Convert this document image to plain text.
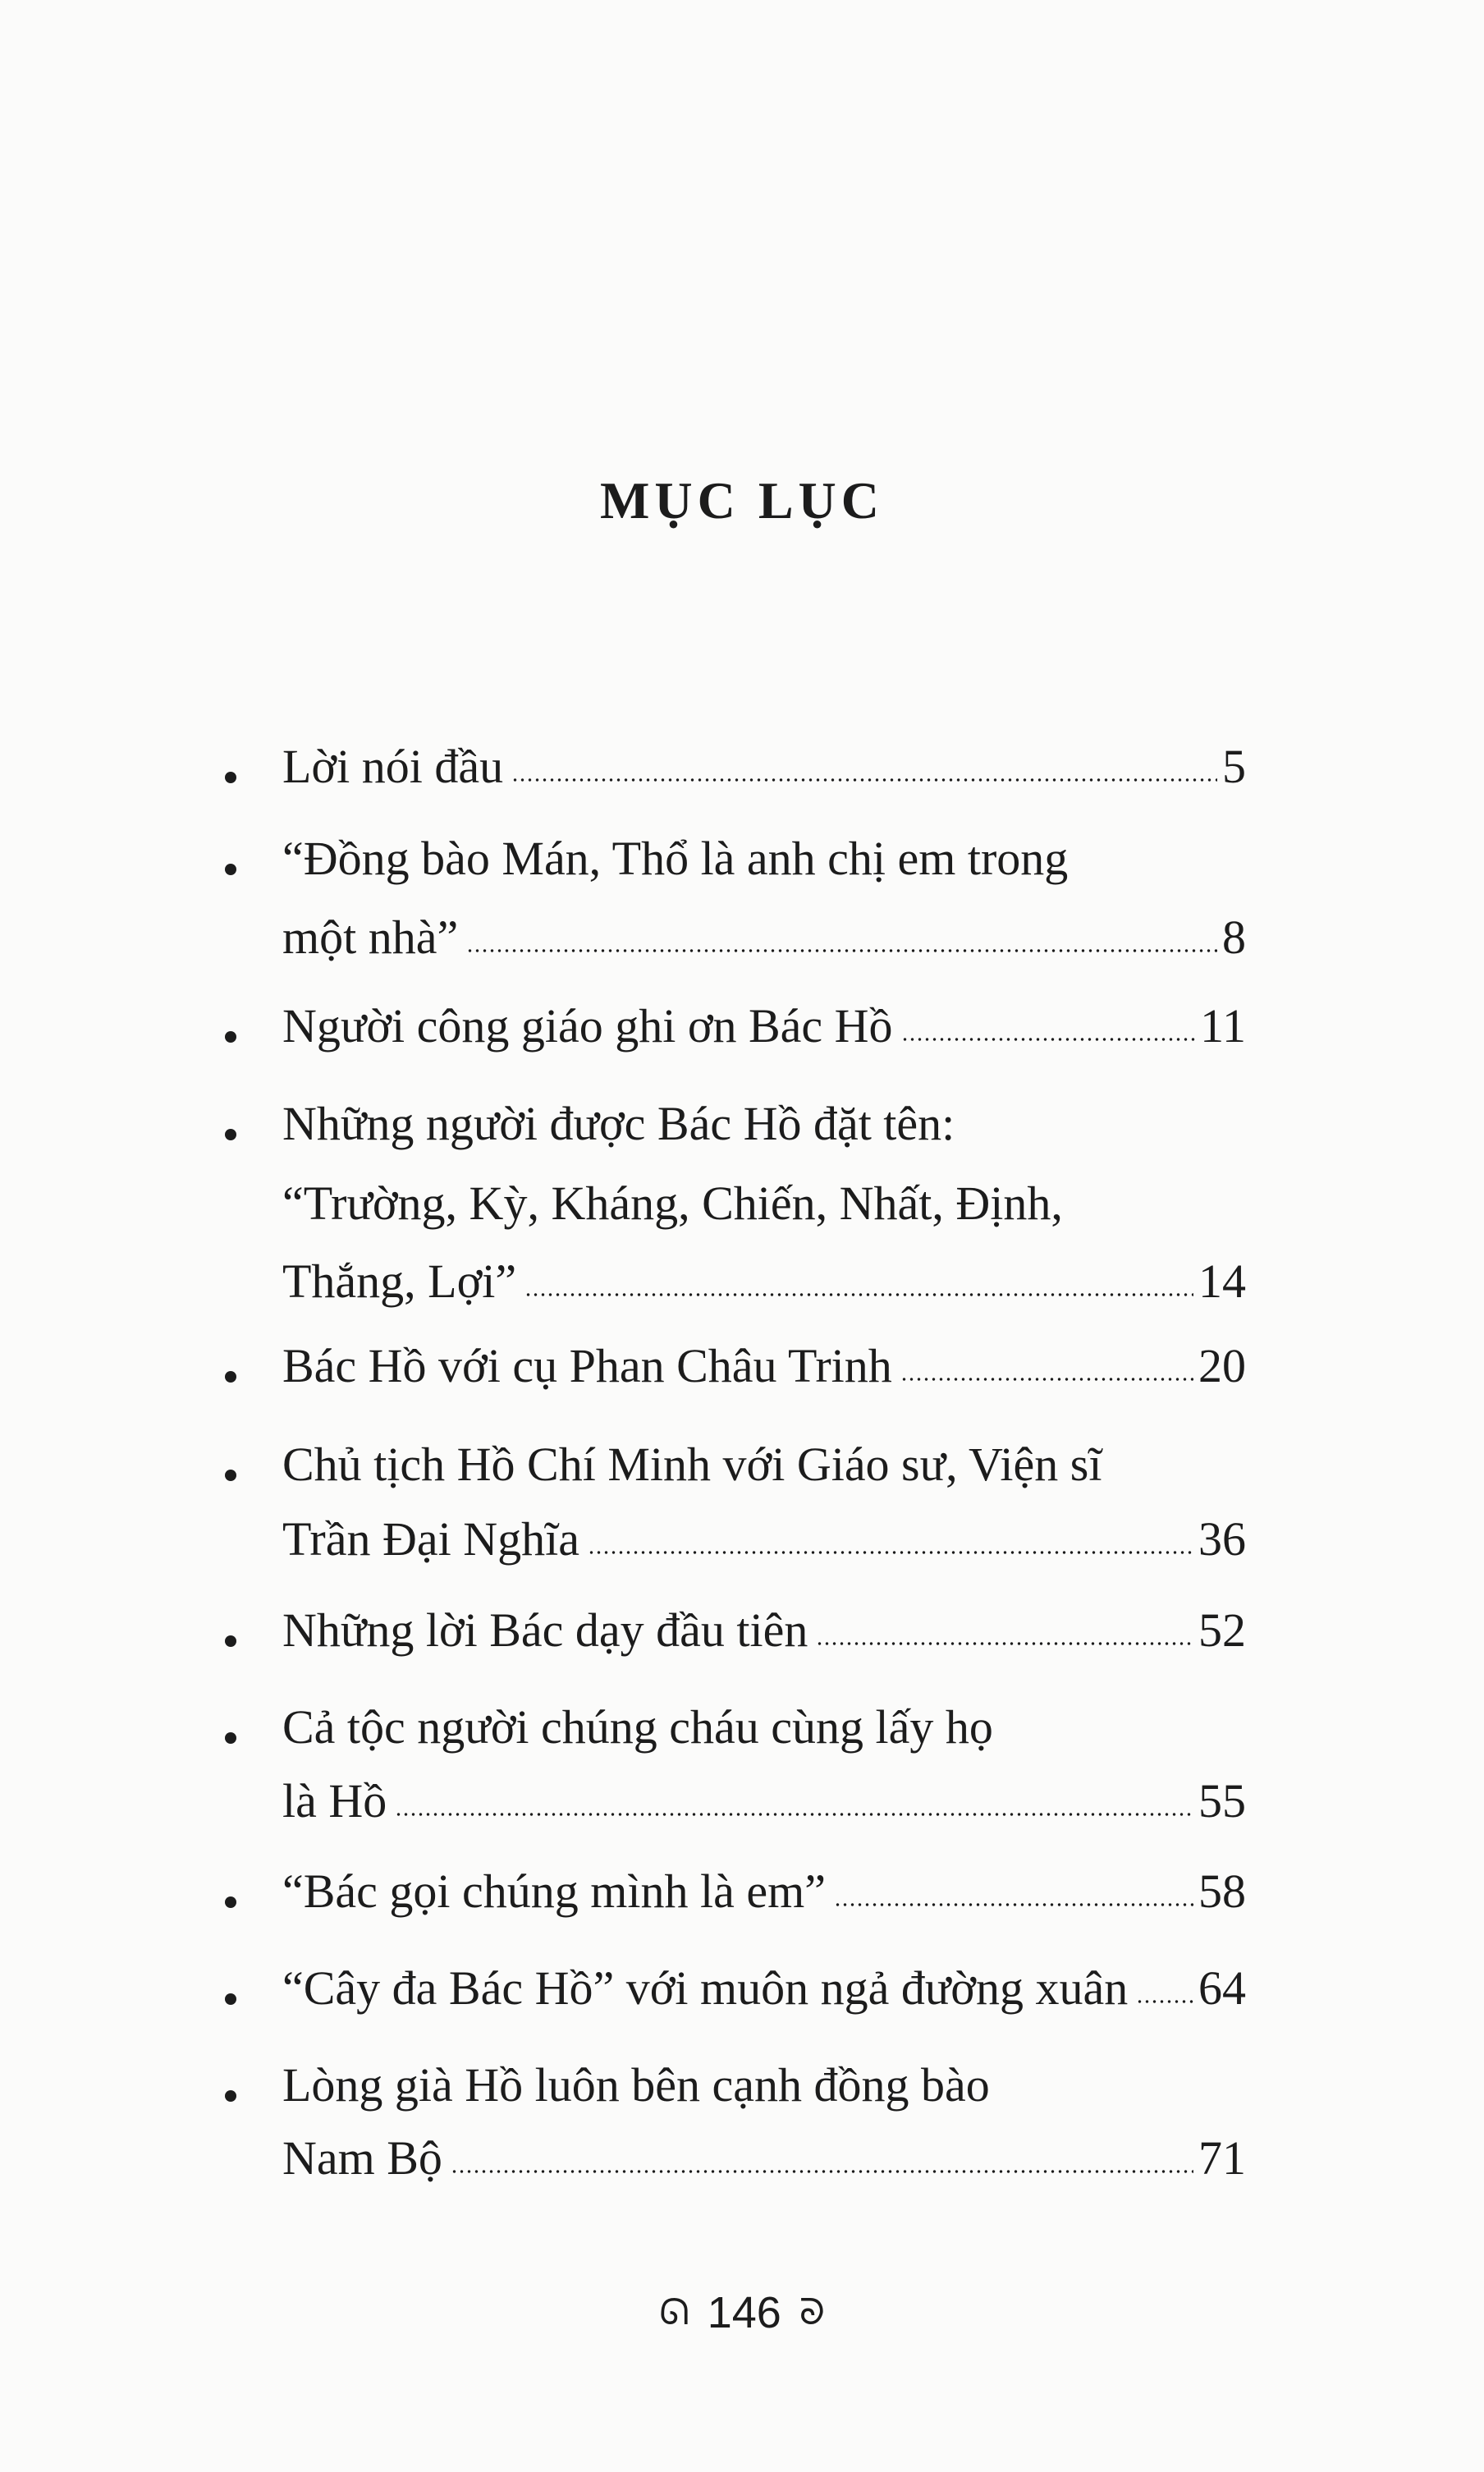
MỤC LỤC
Lời nói đầu	5
“Đồng bào Mán, Thổ là anh chị em trong
một nhà”	8
Người công giáo ghi ơn Bác Hồ	11
Những người được Bác Hồ đặt tên:
“Trường, Kỳ, Kháng, Chiến, Nhất, Định,
Thắng, Lợi”	14
Bác Hồ với cụ Phan Châu Trinh	20
Chủ tịch Hồ Chí Minh với Giáo sư, Viện sĩ
Trần Đại Nghĩa	36
Những lời Bác dạy đầu tiên	52
Cả tộc người chúng cháu cùng lấy họ
là Hồ	55
“Bác gọi chúng mình là em”	58
“Cây đa Bác Hồ” với muôn ngả đường xuân 64
Lòng già Hồ luôn bên cạnh đồng bào
Nam Bộ	71
ᘏ 146 ᘐ
